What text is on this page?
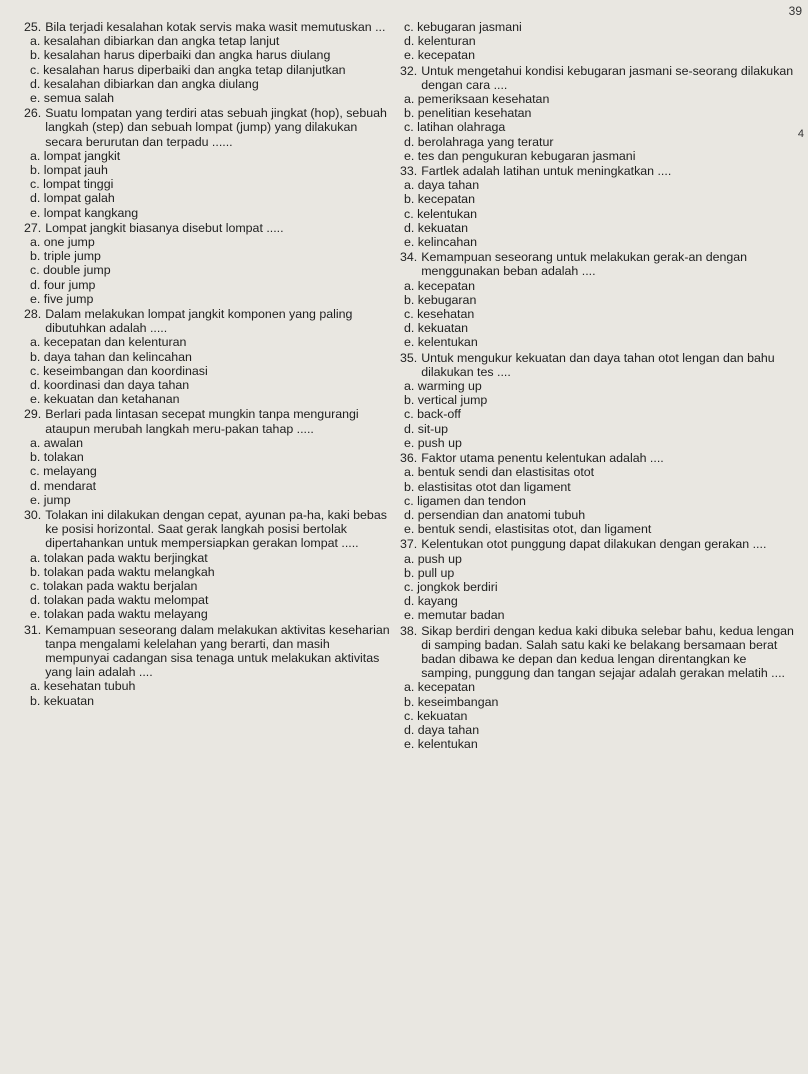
39
4
25. Bila terjadi kesalahan kotak servis maka wasit memutuskan ...
a. kesalahan dibiarkan dan angka tetap lanjut
b. kesalahan harus diperbaiki dan angka harus diulang
c. kesalahan harus diperbaiki dan angka tetap dilanjutkan
d. kesalahan dibiarkan dan angka diulang
e. semua salah
26. Suatu lompatan yang terdiri atas sebuah jingkat (hop), sebuah langkah (step) dan sebuah lompat (jump) yang dilakukan secara berurutan dan terpadu ......
a. lompat jangkit
b. lompat jauh
c. lompat tinggi
d. lompat galah
e. lompat kangkang
27. Lompat jangkit biasanya disebut lompat .....
a. one jump
b. triple jump
c. double jump
d. four jump
e. five jump
28. Dalam melakukan lompat jangkit komponen yang paling dibutuhkan adalah .....
a. kecepatan dan kelenturan
b. daya tahan dan kelincahan
c. keseimbangan dan koordinasi
d. koordinasi dan daya tahan
e. kekuatan dan ketahanan
29. Berlari pada lintasan secepat mungkin tanpa mengurangi ataupun merubah langkah meru-pakan tahap .....
a. awalan
b. tolakan
c. melayang
d. mendarat
e. jump
30. Tolakan ini dilakukan dengan cepat, ayunan pa-ha, kaki bebas ke posisi horizontal. Saat gerak langkah posisi bertolak dipertahankan untuk mempersiapkan gerakan lompat .....
a. tolakan pada waktu berjingkat
b. tolakan pada waktu melangkah
c. tolakan pada waktu berjalan
d. tolakan pada waktu melompat
e. tolakan pada waktu melayang
31. Kemampuan seseorang dalam melakukan aktivitas keseharian tanpa mengalami kelelahan yang berarti, dan masih mempunyai cadangan sisa tenaga untuk melakukan aktivitas yang lain adalah ....
a. kesehatan tubuh
b. kekuatan
c. kebugaran jasmani
d. kelenturan
e. kecepatan
32. Untuk mengetahui kondisi kebugaran jasmani se-seorang dilakukan dengan cara ....
a. pemeriksaan kesehatan
b. penelitian kesehatan
c. latihan olahraga
d. berolahraga yang teratur
e. tes dan pengukuran kebugaran jasmani
33. Fartlek adalah latihan untuk meningkatkan ....
a. daya tahan
b. kecepatan
c. kelentukan
d. kekuatan
e. kelincahan
34. Kemampuan seseorang untuk melakukan gerak-an dengan menggunakan beban adalah ....
a. kecepatan
b. kebugaran
c. kesehatan
d. kekuatan
e. kelentukan
35. Untuk mengukur kekuatan dan daya tahan otot lengan dan bahu dilakukan tes ....
a. warming up
b. vertical jump
c. back-off
d. sit-up
e. push up
36. Faktor utama penentu kelentukan adalah ....
a. bentuk sendi dan elastisitas otot
b. elastisitas otot dan ligament
c. ligamen dan tendon
d. persendian dan anatomi tubuh
e. bentuk sendi, elastisitas otot, dan ligament
37. Kelentukan otot punggung dapat dilakukan dengan gerakan ....
a. push up
b. pull up
c. jongkok berdiri
d. kayang
e. memutar badan
38. Sikap berdiri dengan kedua kaki dibuka selebar bahu, kedua lengan di samping badan. Salah satu kaki ke belakang bersamaan berat badan dibawa ke depan dan kedua lengan direntangkan ke samping, punggung dan tangan sejajar adalah gerakan melatih ....
a. kecepatan
b. keseimbangan
c. kekuatan
d. daya tahan
e. kelentukan
